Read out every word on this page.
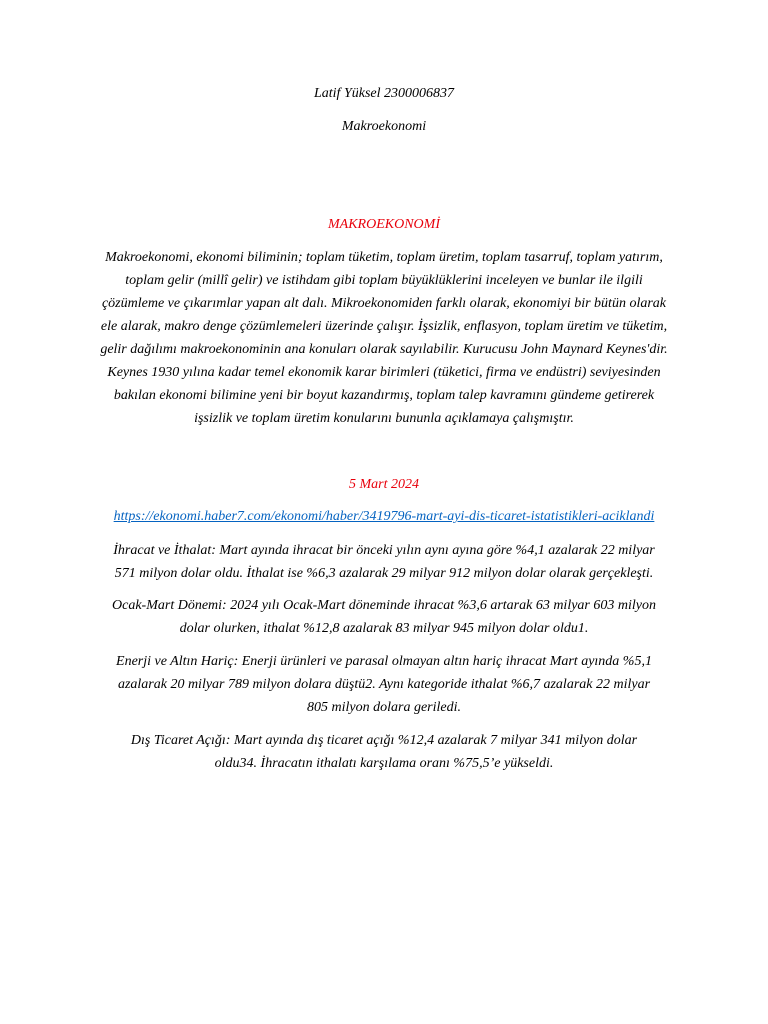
Latif Yüksel 2300006837
Makroekonomi
MAKROEKONOMİ
Makroekonomi, ekonomi biliminin; toplam tüketim, toplam üretim, toplam tasarruf, toplam yatırım,
toplam gelir (millî gelir) ve istihdam gibi toplam büyüklüklerini inceleyen ve bunlar ile ilgili
çözümleme ve çıkarımlar yapan alt dalı. Mikroekonomiden farklı olarak, ekonomiyi bir bütün olarak
ele alarak, makro denge çözümlemeleri üzerinde çalışır. İşsizlik, enflasyon, toplam üretim ve tüketim,
gelir dağılımı makroekonominin ana konuları olarak sayılabilir. Kurucusu John Maynard Keynes'dir.
Keynes 1930 yılına kadar temel ekonomik karar birimleri (tüketici, firma ve endüstri) seviyesinden
bakılan ekonomi bilimine yeni bir boyut kazandırmış, toplam talep kavramını gündeme getirerek
işsizlik ve toplam üretim konularını bununla açıklamaya çalışmıştır.
5 Mart 2024
https://ekonomi.haber7.com/ekonomi/haber/3419796-mart-ayi-dis-ticaret-istatistikleri-aciklandi
İhracat ve İthalat: Mart ayında ihracat bir önceki yılın aynı ayına göre %4,1 azalarak 22 milyar
571 milyon dolar oldu. İthalat ise %6,3 azalarak 29 milyar 912 milyon dolar olarak gerçekleşti.
Ocak-Mart Dönemi: 2024 yılı Ocak-Mart döneminde ihracat %3,6 artarak 63 milyar 603 milyon
dolar olurken, ithalat %12,8 azalarak 83 milyar 945 milyon dolar oldu1.
Enerji ve Altın Hariç: Enerji ürünleri ve parasal olmayan altın hariç ihracat Mart ayında %5,1
azalarak 20 milyar 789 milyon dolara düştü2. Aynı kategoride ithalat %6,7 azalarak 22 milyar
805 milyon dolara geriledi.
Dış Ticaret Açığı: Mart ayında dış ticaret açığı %12,4 azalarak 7 milyar 341 milyon dolar
oldu34. İhracatın ithalatı karşılama oranı %75,5’e yükseldi.
